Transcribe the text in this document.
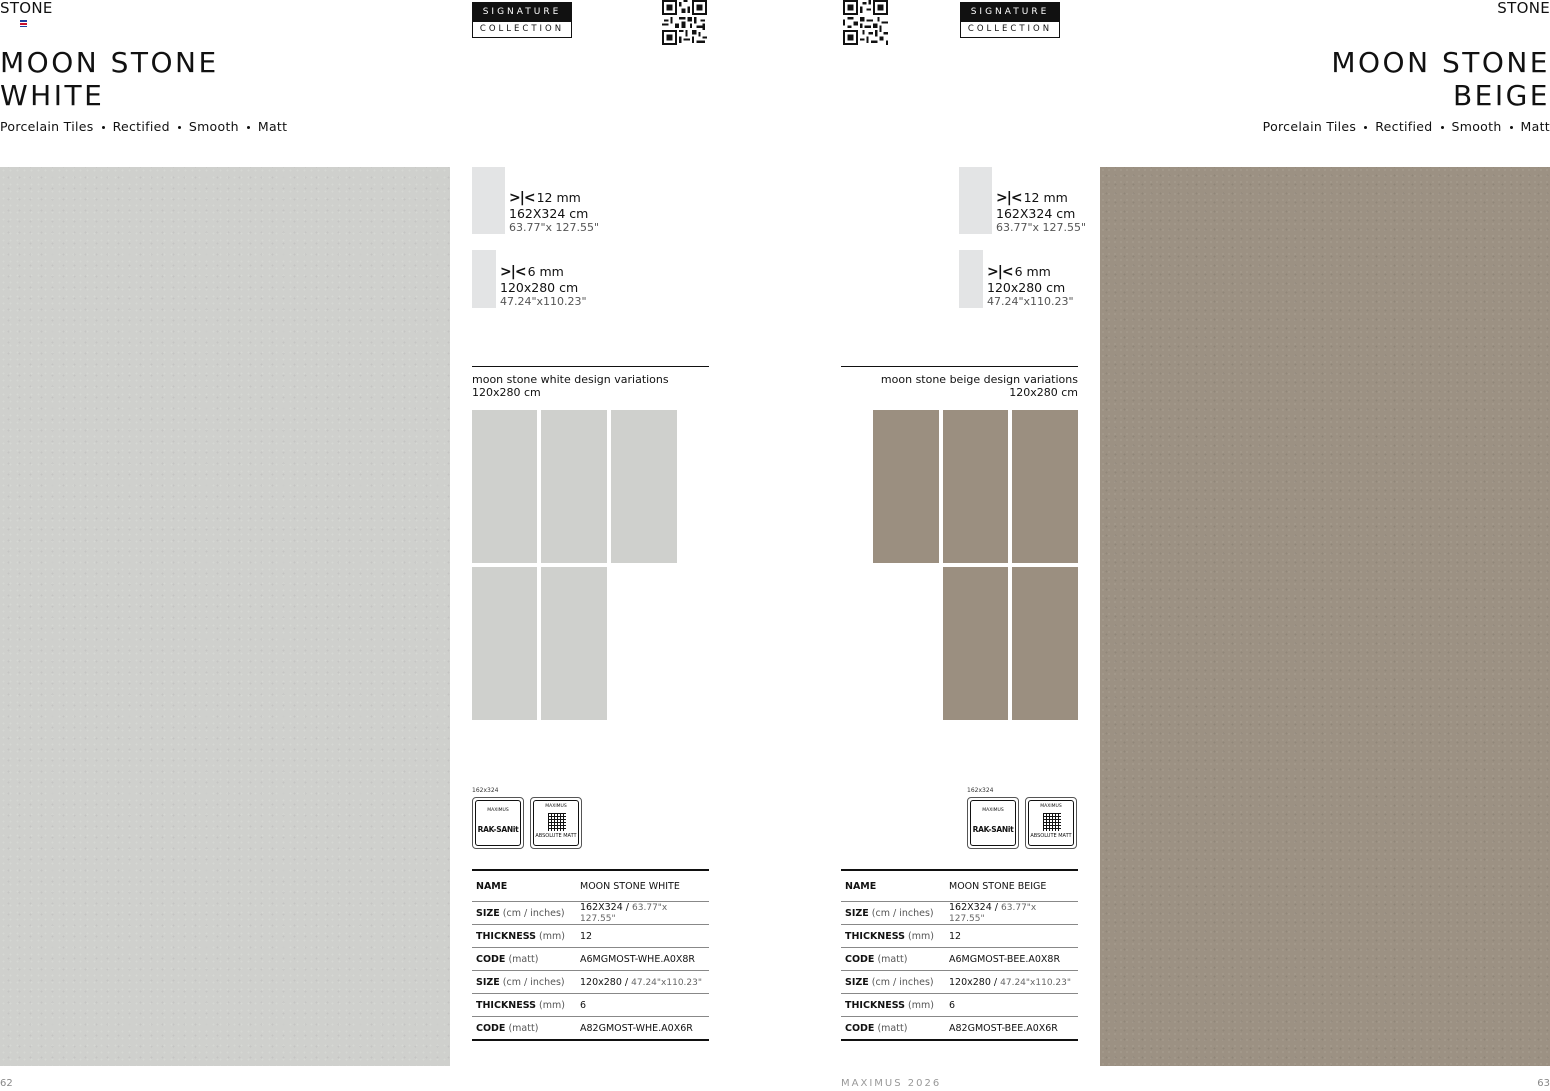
STONE
MOON STONE
WHITE
Porcelain Tiles Rectified Smooth Matt
SIGNATURE
COLLECTION
>|< 12 mm
162X324 cm
63.77"x 127.55"
>|< 6 mm
120x280 cm
47.24"x110.23"
moon stone white design variations
120x280 cm
162x324
MAXIMUS
RAK-SANit
MAXIMUS
ABSOLUTE MATT
NAME	MOON STONE WHITE
SIZE (cm / inches)	162X324 / 63.77"x 127.55"
THICKNESS (mm)	12
CODE (matt)	A6MGMOST-WHE.A0X8R
SIZE (cm / inches)	120x280 / 47.24"x110.23"
THICKNESS (mm)	6
CODE (matt)	A82GMOST-WHE.A0X6R
62
STONE
MOON STONE
BEIGE
Porcelain Tiles Rectified Smooth Matt
SIGNATURE
COLLECTION
>|< 12 mm
162X324 cm
63.77"x 127.55"
>|< 6 mm
120x280 cm
47.24"x110.23"
moon stone beige design variations
120x280 cm
162x324
MAXIMUS
RAK-SANit
MAXIMUS
ABSOLUTE MATT
NAME	MOON STONE BEIGE
SIZE (cm / inches)	162X324 / 63.77"x 127.55"
THICKNESS (mm)	12
CODE (matt)	A6MGMOST-BEE.A0X8R
SIZE (cm / inches)	120x280 / 47.24"x110.23"
THICKNESS (mm)	6
CODE (matt)	A82GMOST-BEE.A0X6R
MAXIMUS 2026	63
